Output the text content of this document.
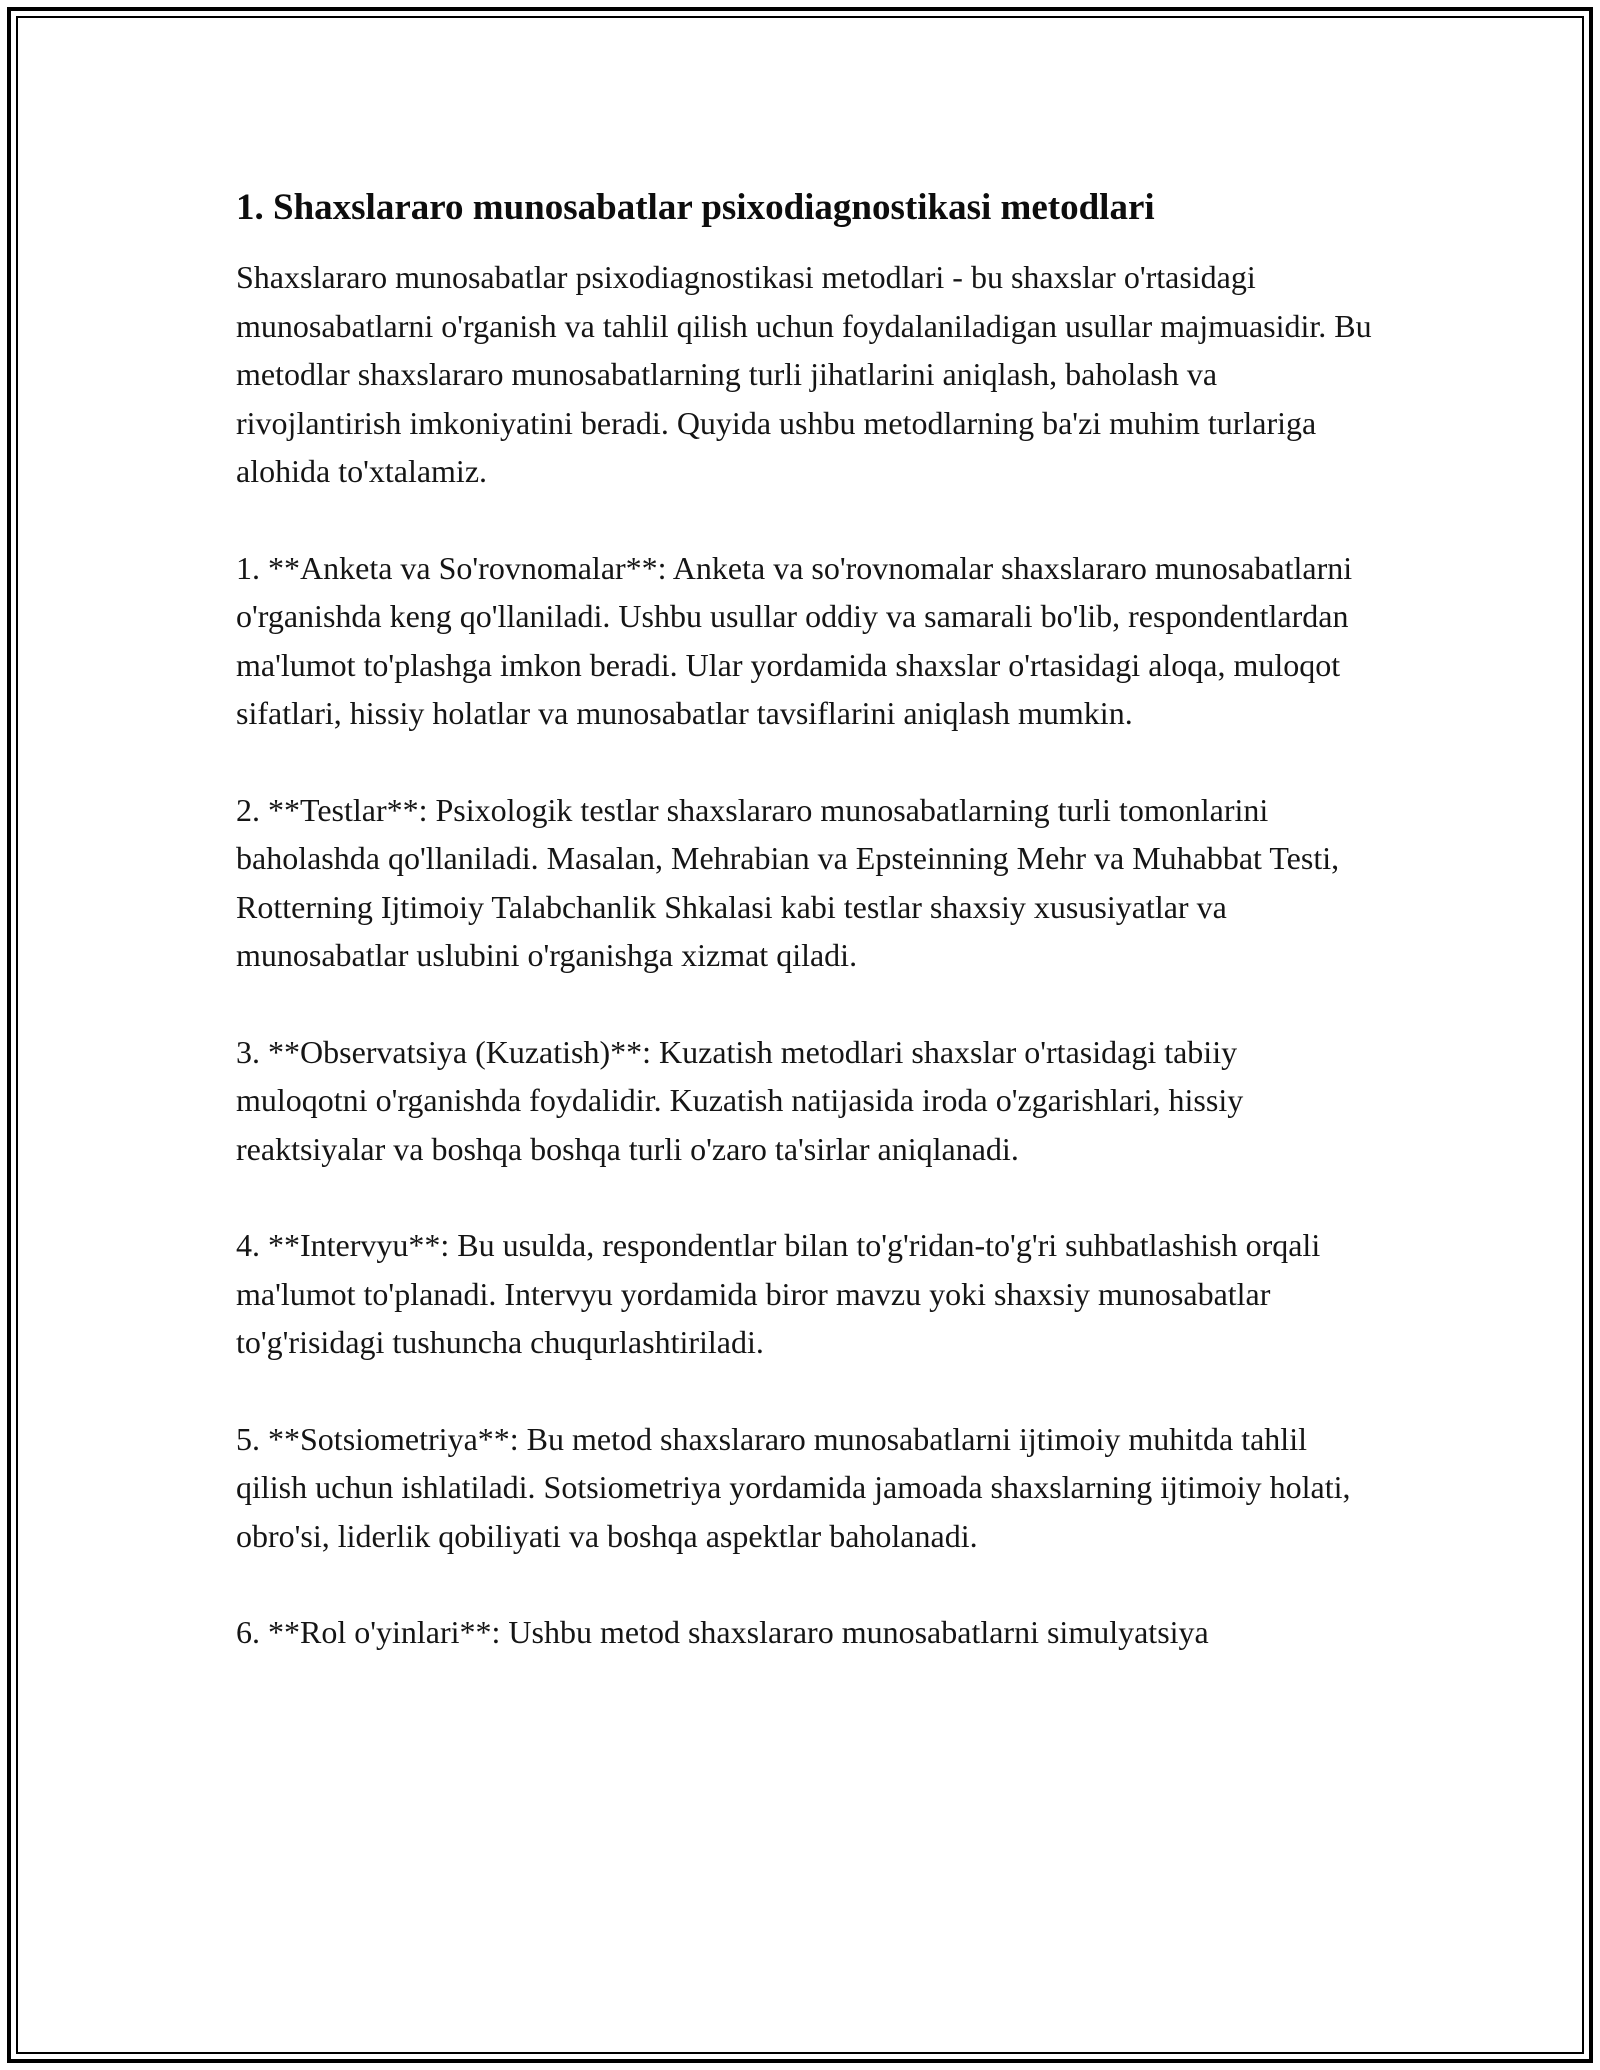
1. Shaxslararo munosabatlar psixodiagnostikasi metodlari

Shaxslararo munosabatlar psixodiagnostikasi metodlari - bu shaxslar o'rtasidagi munosabatlarni o'rganish va tahlil qilish uchun foydalaniladigan usullar majmuasidir. Bu metodlar shaxslararo munosabatlarning turli jihatlarini aniqlash, baholash va rivojlantirish imkoniyatini beradi. Quyida ushbu metodlarning ba'zi muhim turlariga alohida to'xtalamiz.

1. **Anketa va So'rovnomalar**: Anketa va so'rovnomalar shaxslararo munosabatlarni o'rganishda keng qo'llaniladi. Ushbu usullar oddiy va samarali bo'lib, respondentlardan ma'lumot to'plashga imkon beradi. Ular yordamida shaxslar o'rtasidagi aloqa, muloqot sifatlari, hissiy holatlar va munosabatlar tavsiflarini aniqlash mumkin.

2. **Testlar**: Psixologik testlar shaxslararo munosabatlarning turli tomonlarini baholashda qo'llaniladi. Masalan, Mehrabian va Epsteinning Mehr va Muhabbat Testi, Rotterning Ijtimoiy Talabchanlik Shkalasi kabi testlar shaxsiy xususiyatlar va munosabatlar uslubini o'rganishga xizmat qiladi.

3. **Observatsiya (Kuzatish)**: Kuzatish metodlari shaxslar o'rtasidagi tabiiy muloqotni o'rganishda foydalidir. Kuzatish natijasida iroda o'zgarishlari, hissiy reaktsiyalar va boshqa boshqa turli o'zaro ta'sirlar aniqlanadi.

4. **Intervyu**: Bu usulda, respondentlar bilan to'g'ridan-to'g'ri suhbatlashish orqali ma'lumot to'planadi. Intervyu yordamida biror mavzu yoki shaxsiy munosabatlar to'g'risidagi tushuncha chuqurlashtiriladi.

5. **Sotsiometriya**: Bu metod shaxslararo munosabatlarni ijtimoiy muhitda tahlil qilish uchun ishlatiladi. Sotsiometriya yordamida jamoada shaxslarning ijtimoiy holati, obro'si, liderlik qobiliyati va boshqa aspektlar baholanadi.

6. **Rol o'yinlari**: Ushbu metod shaxslararo munosabatlarni simulyatsiya
